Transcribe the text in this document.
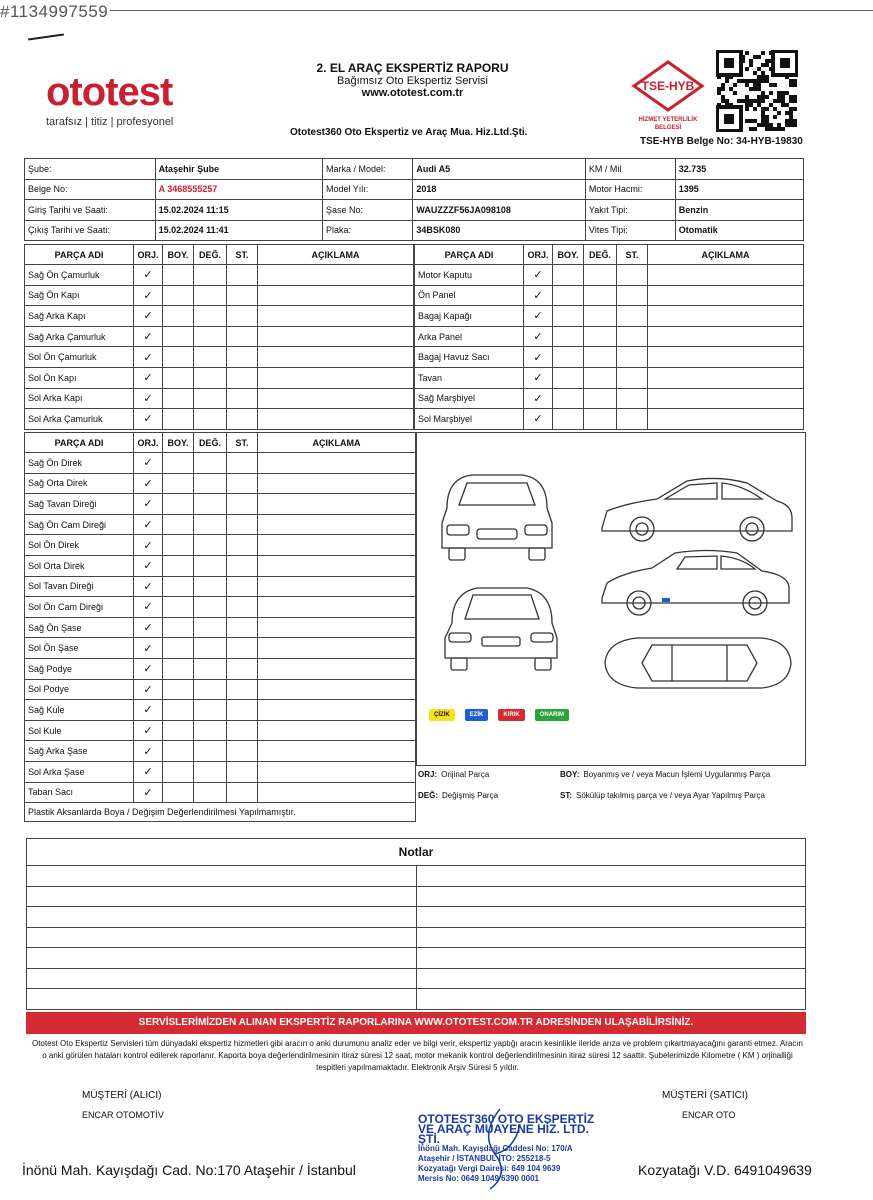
#1134997559
ototest
tarafsız | titiz | profesyonel
2. EL ARAÇ EKSPERTİZ RAPORU
Bağımsız Oto Ekspertiz Servisi
www.ototest.com.tr
Ototest360 Oto Ekspertiz ve Araç Mua. Hiz.Ltd.Şti.
TSE-HYB
HİZMET YETERLİLİK
BELGESİ
TSE-HYB Belge No: 34-HYB-19830
Şube:	Ataşehir Şube	Marka / Model:	Audi A5	KM / Mil	32.735
Belge No:	A 3468555257	Model Yılı:	2018	Motor Hacmi:	1395
Giriş Tarihi ve Saati:	15.02.2024 11:15	Şase No:	WAUZZZF56JA098108	Yakıt Tipi:	Benzin
Çıkış Tarihi ve Saati:	15.02.2024 11:41	Plaka:	34BSK080	Vites Tipi:	Otomatik
PARÇA ADI	ORJ.	BOY.	DEĞ.	ST.	AÇIKLAMA
Sağ Ön Çamurluk	✓				
Sağ Ön Kapı	✓				
Sağ Arka Kapı	✓				
Sağ Arka Çamurluk	✓				
Sol Ön Çamurluk	✓				
Sol Ön Kapı	✓				
Sol Arka Kapı	✓				
Sol Arka Çamurluk	✓				
PARÇA ADI	ORJ.	BOY.	DEĞ.	ST.	AÇIKLAMA
Motor Kaputu	✓				
Ön Panel	✓				
Bagaj Kapağı	✓				
Arka Panel	✓				
Bagaj Havuz Sacı	✓				
Tavan	✓				
Sağ Marşbiyel	✓				
Sol Marşbiyel	✓				
PARÇA ADI	ORJ.	BOY.	DEĞ.	ST.	AÇIKLAMA
Sağ Ön Direk	✓				
Sağ Orta Direk	✓				
Sağ Tavan Direği	✓				
Sağ Ön Cam Direği	✓				
Sol Ön Direk	✓				
Sol Orta Direk	✓				
Sol Tavan Direği	✓				
Sol Ön Cam Direği	✓				
Sağ Ön Şase	✓				
Sol Ön Şase	✓				
Sağ Podye	✓				
Sol Podye	✓				
Sağ Kule	✓				
Sol Kule	✓				
Sağ Arka Şase	✓				
Sol Arka Şase	✓				
Taban Sacı	✓				
Plastik Aksanlarda Boya / Değişim Değerlendirilmesi Yapılmamıştır.
ÇİZİK	EZİK	KIRIK	ONARIM
ORJ: Orijinal Parça	BOY: Boyanmış ve / veya Macun İşlemi Uygulanmış Parça
DEĞ: Değişmiş Parça	ST: Sökülüp takılmış parça ve / veya Ayar Yapılmış Parça
Notlar	

SERVİSLERİMİZDEN ALINAN EKSPERTİZ RAPORLARINA WWW.OTOTEST.COM.TR ADRESİNDEN ULAŞABİLİRSİNİZ.
Ototest Oto Ekspertiz Servisleri tüm dünyadaki ekspertiz hizmetleri gibi aracın o anki durumunu analiz eder ve bilgi verir, ekspertiz yaptığı aracın kesinlikle ileride arıza ve problem çıkartmayacağını garanti etmez. Aracın o anki görülen hataları kontrol edilerek raporlanır. Kaporta boya değerlendirilmesinin itiraz süresi 12 saat, motor mekanik kontrol değerlendirilmesinin itiraz süresi 12 saattir. Şubelerimizde Kilometre ( KM ) orjinalliği tespitleri yapılmamaktadır. Elektronik Arşiv Süresi 5 yıldır.
MÜŞTERİ (ALICI)
ENCAR OTOMOTİV
MÜŞTERİ (SATICI)
ENCAR OTO
OTOTEST360 OTO EKSPERTİZ
VE ARAÇ MUAYENE HİZ. LTD. ŞTİ.
İnönü Mah. Kayışdağı Caddesi No: 170/A
Ataşehir / İSTANBUL İTO: 255218-5
Kozyatağı Vergi Dairesi: 649 104 9639
Mersis No: 0649 1049 6390 0001
İnönü Mah. Kayışdağı Cad. No:170 Ataşehir / İstanbul	Kozyatağı V.D. 6491049639
